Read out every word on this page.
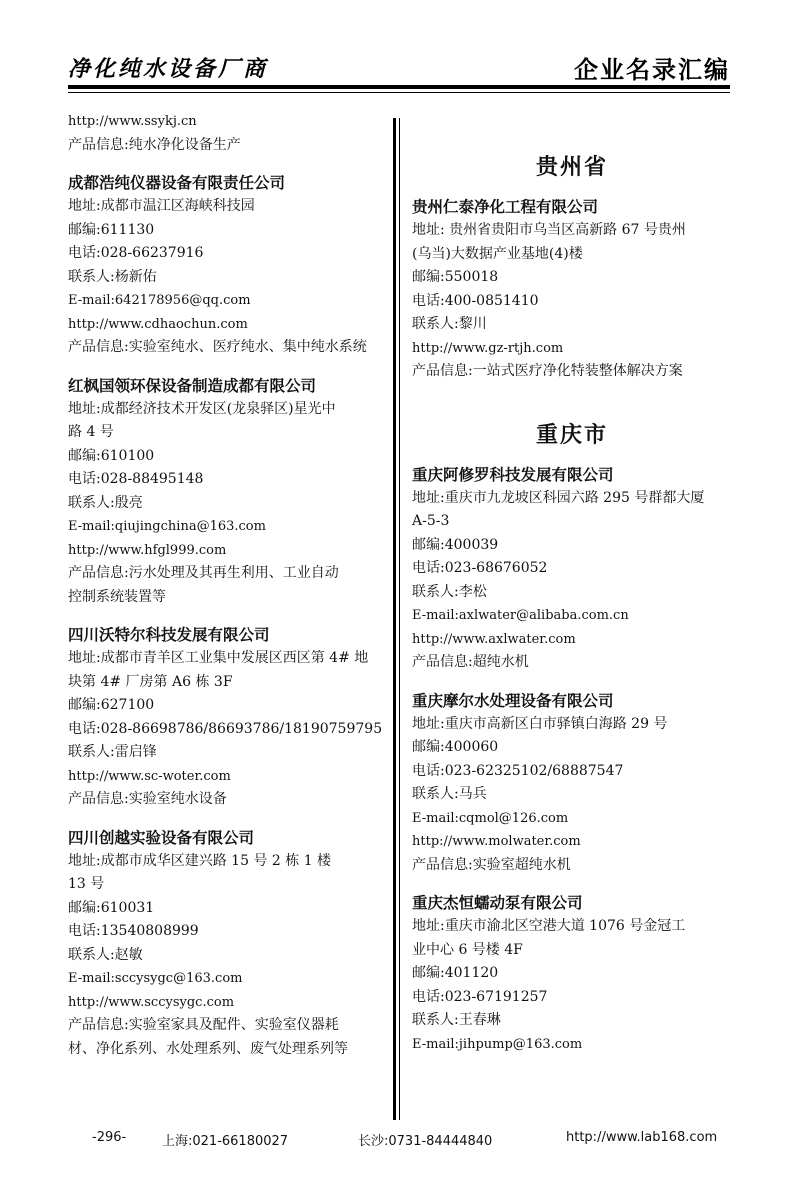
净化纯水设备厂商	企业名录汇编
http://www.ssykj.cn
产品信息:纯水净化设备生产
成都浩纯仪器设备有限责任公司
地址:成都市温江区海峡科技园
邮编:611130
电话:028-66237916
联系人:杨新佑
E-mail:642178956@qq.com
http://www.cdhaochun.com
产品信息:实验室纯水、医疗纯水、集中纯水系统
红枫国领环保设备制造成都有限公司
地址:成都经济技术开发区(龙泉驿区)星光中
路 4 号
邮编:610100
电话:028-88495148
联系人:殷亮
E-mail:qiujingchina@163.com
http://www.hfgl999.com
产品信息:污水处理及其再生利用、工业自动
控制系统装置等
四川沃特尔科技发展有限公司
地址:成都市青羊区工业集中发展区西区第 4# 地
块第 4# 厂房第 A6 栋 3F
邮编:627100
电话:028-86698786/86693786/18190759795
联系人:雷启锋
http://www.sc-woter.com
产品信息:实验室纯水设备
四川创越实验设备有限公司
地址:成都市成华区建兴路 15 号 2 栋 1 楼
13 号
邮编:610031
电话:13540808999
联系人:赵敏
E-mail:sccysygc@163.com
http://www.sccysygc.com
产品信息:实验室家具及配件、实验室仪器耗
材、净化系列、水处理系列、废气处理系列等
贵州省
贵州仁泰净化工程有限公司
地址: 贵州省贵阳市乌当区高新路 67 号贵州
(乌当)大数据产业基地(4)楼
邮编:550018
电话:400-0851410
联系人:黎川
http://www.gz-rtjh.com
产品信息:一站式医疗净化特装整体解决方案
重庆市
重庆阿修罗科技发展有限公司
地址:重庆市九龙坡区科园六路 295 号群都大厦
A-5-3
邮编:400039
电话:023-68676052
联系人:李松
E-mail:axlwater@alibaba.com.cn
http://www.axlwater.com
产品信息:超纯水机
重庆摩尔水处理设备有限公司
地址:重庆市高新区白市驿镇白海路 29 号
邮编:400060
电话:023-62325102/68887547
联系人:马兵
E-mail:cqmol@126.com
http://www.molwater.com
产品信息:实验室超纯水机
重庆杰恒蠕动泵有限公司
地址:重庆市渝北区空港大道 1076 号金冠工
业中心 6 号楼 4F
邮编:401120
电话:023-67191257
联系人:王春琳
E-mail:jihpump@163.com
-296-	上海:021-66180027	长沙:0731-84444840	http://www.lab168.com
